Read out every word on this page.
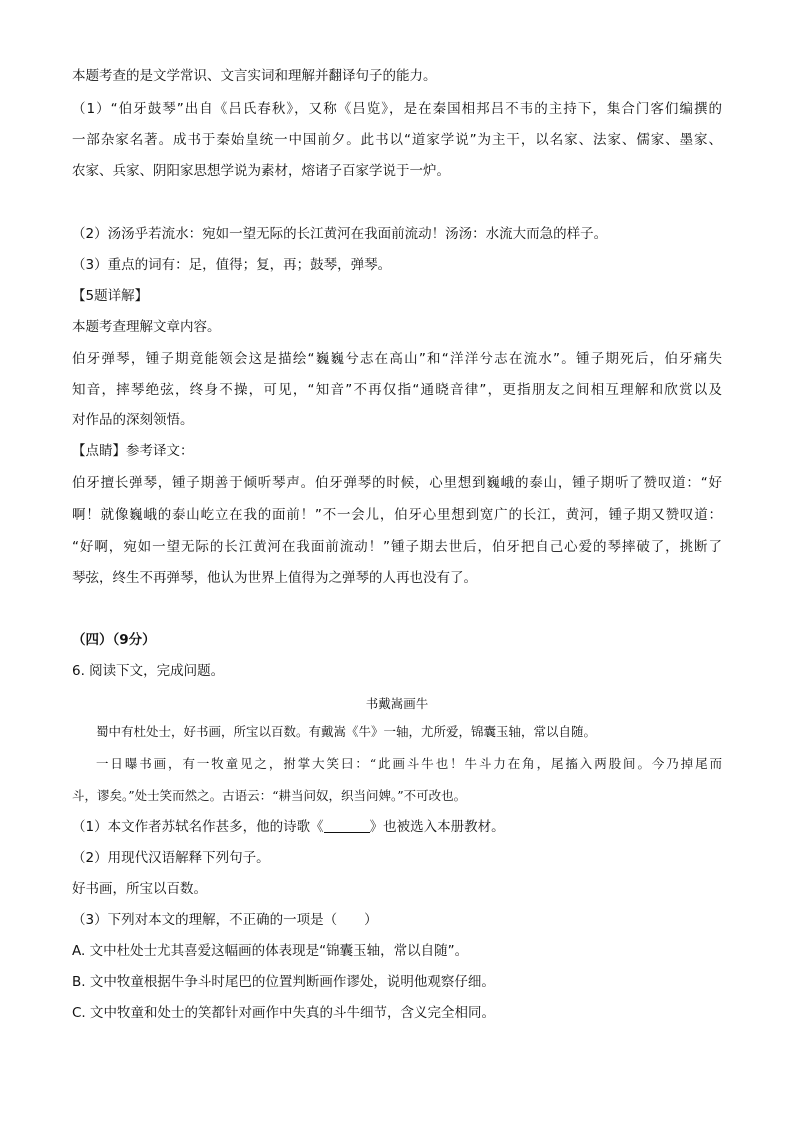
本题考查的是文学常识、文言实词和理解并翻译句子的能力。
（1）“伯牙鼓琴”出自《吕氏春秋》，又称《吕览》，是在秦国相邦吕不韦的主持下，集合门客们编撰的
一部杂家名著。成书于秦始皇统一中国前夕。此书以“道家学说”为主干，以名家、法家、儒家、墨家、
农家、兵家、阴阳家思想学说为素材，熔诸子百家学说于一炉。
（2）汤汤乎若流水：宛如一望无际的长江黄河在我面前流动！汤汤：水流大而急的样子。
（3）重点的词有：足，值得；复，再；鼓琴，弹琴。
【5题详解】
本题考查理解文章内容。
伯牙弹琴，锺子期竟能领会这是描绘“巍巍兮志在高山”和“洋洋兮志在流水”。锺子期死后，伯牙痛失
知音，摔琴绝弦，终身不操，可见，“知音”不再仅指“通晓音律”，更指朋友之间相互理解和欣赏以及
对作品的深刻领悟。
【点睛】参考译文：
伯牙擅长弹琴，锺子期善于倾听琴声。伯牙弹琴的时候，心里想到巍峨的泰山，锺子期听了赞叹道：“好
啊！就像巍峨的泰山屹立在我的面前！”不一会儿，伯牙心里想到宽广的长江，黄河，锺子期又赞叹道：
“好啊，宛如一望无际的长江黄河在我面前流动！”锺子期去世后，伯牙把自己心爱的琴摔破了，挑断了
琴弦，终生不再弹琴，他认为世界上值得为之弹琴的人再也没有了。
（四）（9分）
6. 阅读下文，完成问题。
书戴嵩画牛
蜀中有杜处士，好书画，所宝以百数。有戴嵩《牛》一轴，尤所爱，锦囊玉轴，常以自随。
一日曝书画，有一牧童见之，拊掌大笑曰：“此画斗牛也！牛斗力在角，尾搐入两股间。今乃掉尾而
斗，谬矣。”处士笑而然之。古语云：“耕当问奴，织当问婢。”不可改也。
（1）本文作者苏轼名作甚多，他的诗歌《	》也被选入本册教材。
（2）用现代汉语解释下列句子。
好书画，所宝以百数。
（3）下列对本文的理解，不正确的一项是（　　）
A. 文中杜处士尤其喜爱这幅画的体表现是“锦囊玉轴，常以自随”。
B. 文中牧童根据牛争斗时尾巴的位置判断画作谬处，说明他观察仔细。
C. 文中牧童和处士的笑都针对画作中失真的斗牛细节，含义完全相同。
